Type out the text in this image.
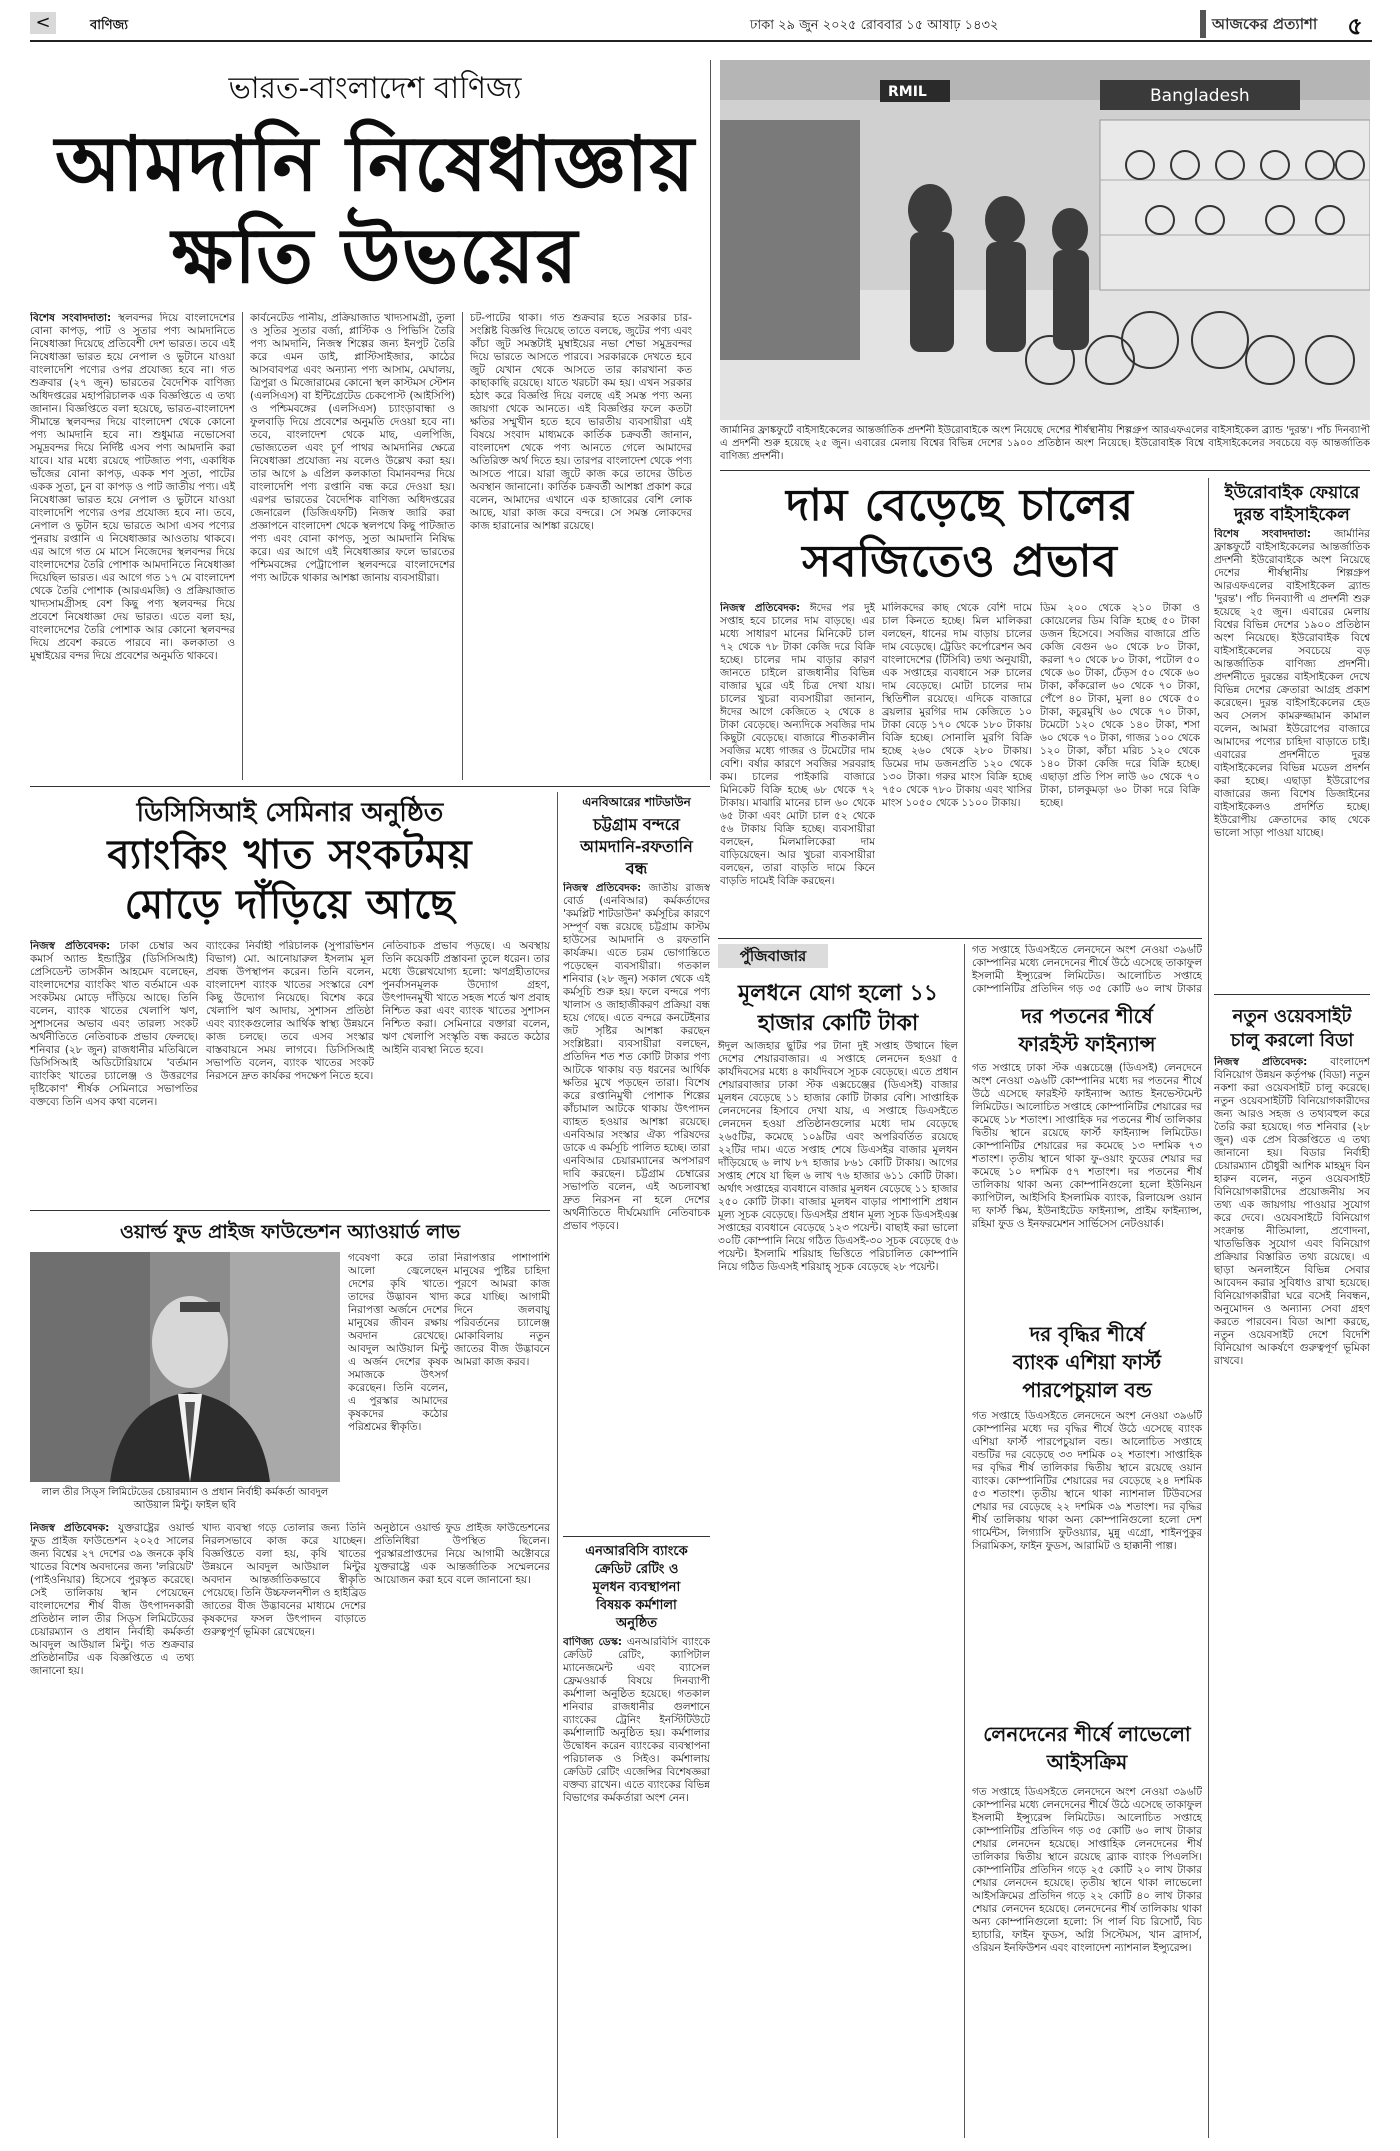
<	বাণিজ্য	ঢাকা ২৯ জুন ২০২৫ রোববার ১৫ আষাঢ় ১৪৩২	আজকের প্রত্যাশা	৫
ভারত-বাংলাদেশ বাণিজ্য
আমদানি নিষেধাজ্ঞায়
ক্ষতি উভয়ের
বিশেষ সংবাদদাতা: স্থলবন্দর দিয়ে বাংলাদেশের বোনা কাপড়, পাট ও সুতার পণ্য আমদানিতে নিষেধাজ্ঞা দিয়েছে প্রতিবেশী দেশ ভারত। তবে এই নিষেধাজ্ঞা ভারত হয়ে নেপাল ও ভুটানে যাওয়া বাংলাদেশি পণ্যের ওপর প্রযোজ্য হবে না। গত শুক্রবার (২৭ জুন) ভারতের বৈদেশিক বাণিজ্য অধিদপ্তরের মহাপরিচালক এক বিজ্ঞপ্তিতে এ তথ্য জানান। বিজ্ঞপ্তিতে বলা হয়েছে, ভারত-বাংলাদেশ সীমান্তে স্থলবন্দর দিয়ে বাংলাদেশ থেকে কোনো পণ্য আমদানি হবে না। শুধুমাত্র নভোসেবা সমুদ্রবন্দর দিয়ে নির্দিষ্ট এসব পণ্য আমদানি করা যাবে। যার মধ্যে রয়েছে পাটজাত পণ্য, একাধিক ভাঁজের বোনা কাপড়, একক শণ সুতা, পাটের একক সুতা, চুন বা কাপড় ও পাট জাতীয় পণ্য। এই নিষেধাজ্ঞা ভারত হয়ে নেপাল ও ভুটানে যাওয়া বাংলাদেশি পণ্যের ওপর প্রযোজ্য হবে না। তবে, নেপাল ও ভুটান হয়ে ভারতে আসা এসব পণ্যের পুনরায় রপ্তানি এ নিষেধাজ্ঞার আওতায় থাকবে। এর আগে গত মে মাসে নিজেদের স্থলবন্দর দিয়ে বাংলাদেশের তৈরি পোশাক আমদানিতে নিষেধাজ্ঞা দিয়েছিল ভারত। এর আগে গত ১৭ মে বাংলাদেশ থেকে তৈরি পোশাক (আরএমজি) ও প্রক্রিয়াজাত খাদ্যসামগ্রীসহ বেশ কিছু পণ্য স্থলবন্দর দিয়ে প্রবেশে নিষেধাজ্ঞা দেয় ভারত। এতে বলা হয়, বাংলাদেশের তৈরি পোশাক আর কোনো স্থলবন্দর দিয়ে প্রবেশ করতে পারবে না। কলকাতা ও মুম্বাইয়ের বন্দর দিয়ে প্রবেশের অনুমতি থাকবে।
কার্বনেটেড পানীয়, প্রক্রিয়াজাত খাদ্যসামগ্রী, তুলা ও সুতির সুতার বর্জ্য, প্লাস্টিক ও পিভিসি তৈরি পণ্য আমদানি, নিজস্ব শিল্পের জন্য ইনপুট তৈরি করে এমন ডাই, প্লাস্টিসাইজার, কাঠের আসবাবপত্র এবং অন্যান্য পণ্য আসাম, মেঘালয়, ত্রিপুরা ও মিজোরামের কোনো স্থল কাস্টমস স্টেশন (এলসিএস) বা ইন্টিগ্রেটেড চেকপোস্ট (আইসিপি) ও পশ্চিমবঙ্গের (এলসিএস) চ্যাংড়াবান্ধা ও ফুলবাড়ি দিয়ে প্রবেশের অনুমতি দেওয়া হবে না। তবে, বাংলাদেশ থেকে মাছ, এলপিজি, ভোজ্যতেল এবং চূর্ণ পাথর আমদানির ক্ষেত্রে নিষেধাজ্ঞা প্রযোজ্য নয় বলেও উল্লেখ করা হয়। তার আগে ৯ এপ্রিল কলকাতা বিমানবন্দর দিয়ে বাংলাদেশি পণ্য রপ্তানি বন্ধ করে দেওয়া হয়। এরপর ভারতের বৈদেশিক বাণিজ্য অধিদপ্তরের জেনারেল (ডিজিএফটি) নিজস্ব জারি করা প্রজ্ঞাপনে বাংলাদেশ থেকে স্থলপথে কিছু পাটজাত পণ্য এবং বোনা কাপড়, সুতা আমদানি নিষিদ্ধ করে। এর আগে এই নিষেধাজ্ঞার ফলে ভারতের পশ্চিমবঙ্গের পেট্রাপোল স্থলবন্দরে বাংলাদেশের পণ্য আটকে থাকার আশঙ্কা জানায় ব্যবসায়ীরা।
চট-পাটের থাকা। গত শুক্রবার হতে সরকার চার-সংশ্লিষ্ট বিজ্ঞপ্তি দিয়েছে তাতে বলছে, জুটের পণ্য এবং কাঁচা জুট সমস্তটাই মুম্বাইয়ের নভা শেভা সমুদ্রবন্দর দিয়ে ভারতে আসতে পারবে। সরকারকে দেখতে হবে জুট যেখান থেকে আসতে তার কারখানা কত কাছাকাছি রয়েছে। যাতে খরচটা কম হয়। এখন সরকার হঠাৎ করে বিজ্ঞপ্তি দিয়ে বলছে এই সমস্ত পণ্য অন্য জায়গা থেকে আনতে। এই বিজ্ঞপ্তির ফলে কতটা ক্ষতির সম্মুখীন হতে হবে ভারতীয় ব্যবসায়ীরা এই বিষয়ে সংবাদ মাধ্যমকে কার্তিক চক্রবর্তী জানান, বাংলাদেশ থেকে পণ্য আনতে গেলে আমাদের অতিরিক্ত অর্থ দিতে হয়। তারপর বাংলাদেশ থেকে পণ্য আসতে পারে। যারা জুটে কাজ করে তাদের উচিত অবস্থান জানানো। কার্তিক চক্রবর্তী আশঙ্কা প্রকাশ করে বলেন, আমাদের এখানে এক হাজারের বেশি লোক আছে, যারা কাজ করে বন্দরে। সে সমস্ত লোকদের কাজ হারানোর আশঙ্কা রয়েছে।
RMIL	Bangladesh
জার্মানির ফ্রাঙ্কফুর্টে বাইসাইকেলের আন্তর্জাতিক প্রদর্শনী ইউরোবাইকে অংশ নিয়েছে দেশের শীর্ষস্থানীয় শিল্পগ্রুপ আরএফএলের বাইসাইকেল ব্র্যান্ড 'দুরন্ত'। পাঁচ দিনব্যাপী এ প্রদর্শনী শুরু হয়েছে ২৫ জুন। এবারের মেলায় বিশ্বের বিভিন্ন দেশের ১৯০০ প্রতিষ্ঠান অংশ নিয়েছে। ইউরোবাইক বিশ্বে বাইসাইকেলের সবচেয়ে বড় আন্তর্জাতিক বাণিজ্য প্রদর্শনী।
দাম বেড়েছে চালের
সবজিতেও প্রভাব
নিজস্ব প্রতিবেদক: ঈদের পর দুই সপ্তাহ হবে চালের দাম বাড়ছে। এর মধ্যে সাধারণ মানের মিনিকেট চাল ৭২ থেকে ৭৮ টাকা কেজি দরে বিক্রি হচ্ছে। চালের দাম বাড়ার কারণ জানতে চাইলে রাজধানীর বিভিন্ন বাজার ঘুরে এই চিত্র দেখা যায়। চালের খুচরা ব্যবসায়ীরা জানান, ঈদের আগে কেজিতে ২ থেকে ৪ টাকা বেড়েছে। অন্যদিকে সবজির দাম কিছুটা বেড়েছে। বাজারে শীতকালীন সবজির মধ্যে গাজর ও টমেটোর দাম বেশি। বর্ষার কারণে সবজির সরবরাহ কম। চালের পাইকারি বাজারে মিনিকেট বিক্রি হচ্ছে ৬৮ থেকে ৭২ টাকায়। মাঝারি মানের চাল ৬০ থেকে ৬৫ টাকা এবং মোটা চাল ৫২ থেকে ৫৬ টাকায় বিক্রি হচ্ছে। ব্যবসায়ীরা বলছেন, মিলমালিকেরা দাম বাড়িয়েছেন। আর খুচরা ব্যবসায়ীরা বলছেন, তারা বাড়তি দামে কিনে বাড়তি দামেই বিক্রি করছেন।
মালিকদের কাছ থেকে বেশি দামে চাল কিনতে হচ্ছে। মিল মালিকরা বলছেন, ধানের দাম বাড়ায় চালের দাম বেড়েছে। ট্রেডিং কর্পোরেশন অব বাংলাদেশের (টিসিবি) তথ্য অনুযায়ী, এক সপ্তাহের ব্যবধানে সরু চালের দাম বেড়েছে। মোটা চালের দাম স্থিতিশীল রয়েছে। এদিকে বাজারে ব্রয়লার মুরগির দাম কেজিতে ১০ টাকা বেড়ে ১৭০ থেকে ১৮০ টাকায় বিক্রি হচ্ছে। সোনালি মুরগি বিক্রি হচ্ছে ২৬০ থেকে ২৮০ টাকায়। ডিমের দাম ডজনপ্রতি ১২০ থেকে ১৩০ টাকা। গরুর মাংস বিক্রি হচ্ছে ৭৫০ থেকে ৭৮০ টাকায় এবং খাসির মাংস ১০৫০ থেকে ১১০০ টাকায়।
ডিম ২০০ থেকে ২১০ টাকা ও কোয়েলের ডিম বিক্রি হচ্ছে ৫০ টাকা ডজন হিসেবে। সবজির বাজারে প্রতি কেজি বেগুন ৬০ থেকে ৮০ টাকা, করলা ৭০ থেকে ৮০ টাকা, পটোল ৫০ থেকে ৬০ টাকা, ঢেঁড়স ৫০ থেকে ৬০ টাকা, কাঁকরোল ৬০ থেকে ৭০ টাকা, পেঁপে ৪০ টাকা, মুলা ৪০ থেকে ৫০ টাকা, কচুরমুখি ৬০ থেকে ৭০ টাকা, টমেটো ১২০ থেকে ১৪০ টাকা, শসা ৬০ থেকে ৭০ টাকা, গাজর ১০০ থেকে ১২০ টাকা, কাঁচা মরিচ ১২০ থেকে ১৪০ টাকা কেজি দরে বিক্রি হচ্ছে। এছাড়া প্রতি পিস লাউ ৬০ থেকে ৭০ টাকা, চালকুমড়া ৬০ টাকা দরে বিক্রি হচ্ছে।
ইউরোবাইক ফেয়ারে
দুরন্ত বাইসাইকেল
বিশেষ সংবাদদাতা: জার্মানির ফ্রাঙ্কফুর্টে বাইসাইকেলের আন্তর্জাতিক প্রদর্শনী ইউরোবাইকে অংশ নিয়েছে দেশের শীর্ষস্থানীয় শিল্পগ্রুপ আরএফএলের বাইসাইকেল ব্র্যান্ড 'দুরন্ত'। পাঁচ দিনব্যাপী এ প্রদর্শনী শুরু হয়েছে ২৫ জুন। এবারের মেলায় বিশ্বের বিভিন্ন দেশের ১৯০০ প্রতিষ্ঠান অংশ নিয়েছে। ইউরোবাইক বিশ্বে বাইসাইকেলের সবচেয়ে বড় আন্তর্জাতিক বাণিজ্য প্রদর্শনী। প্রদর্শনীতে দুরন্তের বাইসাইকেল দেখে বিভিন্ন দেশের ক্রেতারা আগ্রহ প্রকাশ করেছেন। দুরন্ত বাইসাইকেলের হেড অব সেলস কামরুজ্জামান কামাল বলেন, আমরা ইউরোপের বাজারে আমাদের পণ্যের চাহিদা বাড়াতে চাই। এবারের প্রদর্শনীতে দুরন্ত বাইসাইকেলের বিভিন্ন মডেল প্রদর্শন করা হচ্ছে। এছাড়া ইউরোপের বাজারের জন্য বিশেষ ডিজাইনের বাইসাইকেলও প্রদর্শিত হচ্ছে। ইউরোপীয় ক্রেতাদের কাছ থেকে ভালো সাড়া পাওয়া যাচ্ছে।
নতুন ওয়েবসাইট
চালু করলো বিডা
নিজস্ব প্রতিবেদক: বাংলাদেশ বিনিয়োগ উন্নয়ন কর্তৃপক্ষ (বিডা) নতুন নকশা করা ওয়েবসাইট চালু করেছে। নতুন ওয়েবসাইটটি বিনিয়োগকারীদের জন্য আরও সহজ ও তথ্যবহুল করে তৈরি করা হয়েছে। গত শনিবার (২৮ জুন) এক প্রেস বিজ্ঞপ্তিতে এ তথ্য জানানো হয়। বিডার নির্বাহী চেয়ারম্যান চৌধুরী আশিক মাহমুদ বিন হারুন বলেন, নতুন ওয়েবসাইট বিনিয়োগকারীদের প্রয়োজনীয় সব তথ্য এক জায়গায় পাওয়ার সুযোগ করে দেবে। ওয়েবসাইটে বিনিয়োগ সংক্রান্ত নীতিমালা, প্রণোদনা, খাতভিত্তিক সুযোগ এবং বিনিয়োগ প্রক্রিয়ার বিস্তারিত তথ্য রয়েছে। এ ছাড়া অনলাইনে বিভিন্ন সেবার আবেদন করার সুবিধাও রাখা হয়েছে। বিনিয়োগকারীরা ঘরে বসেই নিবন্ধন, অনুমোদন ও অন্যান্য সেবা গ্রহণ করতে পারবেন। বিডা আশা করছে, নতুন ওয়েবসাইট দেশে বিদেশি বিনিয়োগ আকর্ষণে গুরুত্বপূর্ণ ভূমিকা রাখবে।
ডিসিসিআই সেমিনার অনুষ্ঠিত
ব্যাংকিং খাত সংকটময়
মোড়ে দাঁড়িয়ে আছে
নিজস্ব প্রতিবেদক: ঢাকা চেম্বার অব কমার্স অ্যান্ড ইন্ডাস্ট্রির (ডিসিসিআই) প্রেসিডেন্ট তাসকীন আহমেদ বলেছেন, বাংলাদেশের ব্যাংকিং খাত বর্তমানে এক সংকটময় মোড়ে দাঁড়িয়ে আছে। তিনি বলেন, ব্যাংক খাতের খেলাপি ঋণ, সুশাসনের অভাব এবং তারল্য সংকট অর্থনীতিতে নেতিবাচক প্রভাব ফেলছে। শনিবার (২৮ জুন) রাজধানীর মতিঝিলে ডিসিসিআই অডিটোরিয়ামে 'বর্তমান ব্যাংকিং খাতের চ্যালেঞ্জ ও উত্তরণের দৃষ্টিকোণ' শীর্ষক সেমিনারে সভাপতির বক্তব্যে তিনি এসব কথা বলেন।
ব্যাংকের নির্বাহী পরিচালক (সুপারভিশন বিভাগ) মো. আনোয়ারুল ইসলাম মূল প্রবন্ধ উপস্থাপন করেন। তিনি বলেন, বাংলাদেশ ব্যাংক খাতের সংস্কারে বেশ কিছু উদ্যোগ নিয়েছে। বিশেষ করে খেলাপি ঋণ আদায়, সুশাসন প্রতিষ্ঠা এবং ব্যাংকগুলোর আর্থিক স্বাস্থ্য উন্নয়নে কাজ চলছে। তবে এসব সংস্কার বাস্তবায়নে সময় লাগবে। ডিসিসিআই সভাপতি বলেন, ব্যাংক খাতের সংকট নিরসনে দ্রুত কার্যকর পদক্ষেপ নিতে হবে।
নেতিবাচক প্রভাব পড়ছে। এ অবস্থায় তিনি কয়েকটি প্রস্তাবনা তুলে ধরেন। তার মধ্যে উল্লেখযোগ্য হলো: ঋণগ্রহীতাদের পুনর্বাসনমূলক উদ্যোগ গ্রহণ, উৎপাদনমুখী খাতে সহজ শর্তে ঋণ প্রবাহ নিশ্চিত করা এবং ব্যাংক খাতের সুশাসন নিশ্চিত করা। সেমিনারে বক্তারা বলেন, ঋণ খেলাপি সংস্কৃতি বন্ধ করতে কঠোর আইনি ব্যবস্থা নিতে হবে।
এনবিআরের শাটডাউন
চট্টগ্রাম বন্দরে
আমদানি-রফতানি
বন্ধ
নিজস্ব প্রতিবেদক: জাতীয় রাজস্ব বোর্ড (এনবিআর) কর্মকর্তাদের 'কমপ্লিট শাটডাউন' কর্মসূচির কারণে সম্পূর্ণ বন্ধ রয়েছে চট্টগ্রাম কাস্টম হাউসের আমদানি ও রফতানি কার্যক্রম। এতে চরম ভোগান্তিতে পড়েছেন ব্যবসায়ীরা। গতকাল শনিবার (২৮ জুন) সকাল থেকে এই কর্মসূচি শুরু হয়। ফলে বন্দরে পণ্য খালাস ও জাহাজীকরণ প্রক্রিয়া বন্ধ হয়ে গেছে। এতে বন্দরে কনটেইনার জট সৃষ্টির আশঙ্কা করছেন সংশ্লিষ্টরা। ব্যবসায়ীরা বলছেন, প্রতিদিন শত শত কোটি টাকার পণ্য আটকে থাকায় বড় ধরনের আর্থিক ক্ষতির মুখে পড়ছেন তারা। বিশেষ করে রপ্তানিমুখী পোশাক শিল্পের কাঁচামাল আটকে থাকায় উৎপাদন ব্যাহত হওয়ার আশঙ্কা রয়েছে। এনবিআর সংস্কার ঐক্য পরিষদের ডাকে এ কর্মসূচি পালিত হচ্ছে। তারা এনবিআর চেয়ারম্যানের অপসারণ দাবি করছেন। চট্টগ্রাম চেম্বারের সভাপতি বলেন, এই অচলাবস্থা দ্রুত নিরসন না হলে দেশের অর্থনীতিতে দীর্ঘমেয়াদি নেতিবাচক প্রভাব পড়বে।
এনআরবিসি ব্যাংকে
ক্রেডিট রেটিং ও
মূলধন ব্যবস্থাপনা
বিষয়ক কর্মশালা
অনুষ্ঠিত
বাণিজ্য ডেস্ক: এনআরবিসি ব্যাংকে ক্রেডিট রেটিং, ক্যাপিটাল ম্যানেজমেন্ট এবং ব্যাসেল ফ্রেমওয়ার্ক বিষয়ে দিনব্যাপী কর্মশালা অনুষ্ঠিত হয়েছে। গতকাল শনিবার রাজধানীর গুলশানে ব্যাংকের ট্রেনিং ইনস্টিটিউটে কর্মশালাটি অনুষ্ঠিত হয়। কর্মশালার উদ্বোধন করেন ব্যাংকের ব্যবস্থাপনা পরিচালক ও সিইও। কর্মশালায় ক্রেডিট রেটিং এজেন্সির বিশেষজ্ঞরা বক্তব্য রাখেন। এতে ব্যাংকের বিভিন্ন বিভাগের কর্মকর্তারা অংশ নেন।
ওয়ার্ল্ড ফুড প্রাইজ ফাউন্ডেশন অ্যাওয়ার্ড লাভ
লাল তীর সিড্‌স লিমিটেডের চেয়ারম্যান ও প্রধান নির্বাহী কর্মকর্তা আবদুল আউয়াল মিন্টু। ফাইল ছবি
গবেষণা করে তারা আলো জ্বেলেছেন দেশের কৃষি খাতে। তাদের উদ্ভাবন খাদ্য নিরাপত্তা অর্জনে দেশের মানুষের জীবন রক্ষায় অবদান রেখেছে। আবদুল আউয়াল মিন্টু এ অর্জন দেশের কৃষক সমাজকে উৎসর্গ করেছেন। তিনি বলেন, এ পুরস্কার আমাদের কৃষকদের কঠোর পরিশ্রমের স্বীকৃতি।
নিরাপত্তার পাশাপাশি মানুষের পুষ্টির চাহিদা পূরণে আমরা কাজ করে যাচ্ছি। আগামী দিনে জলবায়ু পরিবর্তনের চ্যালেঞ্জ মোকাবিলায় নতুন জাতের বীজ উদ্ভাবনে আমরা কাজ করব।
নিজস্ব প্রতিবেদক: যুক্তরাষ্ট্রের ওয়ার্ল্ড ফুড প্রাইজ ফাউন্ডেশন ২০২৫ সালের জন্য বিশ্বের ২৭ দেশের ৩৯ জনকে কৃষি খাতের বিশেষ অবদানের জন্য 'লরিয়েট' (পাইওনিয়ার) হিসেবে পুরস্কৃত করেছে। সেই তালিকায় স্থান পেয়েছেন বাংলাদেশের শীর্ষ বীজ উৎপাদনকারী প্রতিষ্ঠান লাল তীর সিড্‌স লিমিটেডের চেয়ারম্যান ও প্রধান নির্বাহী কর্মকর্তা আবদুল আউয়াল মিন্টু। গত শুক্রবার প্রতিষ্ঠানটির এক বিজ্ঞপ্তিতে এ তথ্য জানানো হয়।
খাদ্য ব্যবস্থা গড়ে তোলার জন্য তিনি নিরলসভাবে কাজ করে যাচ্ছেন। বিজ্ঞপ্তিতে বলা হয়, কৃষি খাতের উন্নয়নে আবদুল আউয়াল মিন্টুর অবদান আন্তর্জাতিকভাবে স্বীকৃতি পেয়েছে। তিনি উচ্চফলনশীল ও হাইব্রিড জাতের বীজ উদ্ভাবনের মাধ্যমে দেশের কৃষকদের ফসল উৎপাদন বাড়াতে গুরুত্বপূর্ণ ভূমিকা রেখেছেন।
অনুষ্ঠানে ওয়ার্ল্ড ফুড প্রাইজ ফাউন্ডেশনের প্রতিনিধিরা উপস্থিত ছিলেন। পুরস্কারপ্রাপ্তদের নিয়ে আগামী অক্টোবরে যুক্তরাষ্ট্রে এক আন্তর্জাতিক সম্মেলনের আয়োজন করা হবে বলে জানানো হয়।
পুঁজিবাজার
মূলধনে যোগ হলো ১১
হাজার কোটি টাকা
ঈদুল আজহার ছুটির পর টানা দুই সপ্তাহ উত্থানে ছিল দেশের শেয়ারবাজার। এ সপ্তাহে লেনদেন হওয়া ৫ কার্যদিবসের মধ্যে ৪ কার্যদিবসে সূচক বেড়েছে। এতে প্রধান শেয়ারবাজার ঢাকা স্টক এক্সচেঞ্জের (ডিএসই) বাজার মূলধন বেড়েছে ১১ হাজার কোটি টাকার বেশি। সাপ্তাহিক লেনদেনের হিসাবে দেখা যায়, এ সপ্তাহে ডিএসইতে লেনদেন হওয়া প্রতিষ্ঠানগুলোর মধ্যে দাম বেড়েছে ২৬৫টির, কমেছে ১০৯টির এবং অপরিবর্তিত রয়েছে ২২টির দাম। এতে সপ্তাহ শেষে ডিএসইর বাজার মূলধন দাঁড়িয়েছে ৬ লাখ ৮৭ হাজার ৮৬১ কোটি টাকায়। আগের সপ্তাহ শেষে যা ছিল ৬ লাখ ৭৬ হাজার ৬১১ কোটি টাকা। অর্থাৎ সপ্তাহের ব্যবধানে বাজার মূলধন বেড়েছে ১১ হাজার ২৫০ কোটি টাকা। বাজার মূলধন বাড়ার পাশাপাশি প্রধান মূল্য সূচক বেড়েছে। ডিএসইর প্রধান মূল্য সূচক ডিএসইএক্স সপ্তাহের ব্যবধানে বেড়েছে ১২৩ পয়েন্ট। বাছাই করা ভালো ৩০টি কোম্পানি নিয়ে গঠিত ডিএসই-৩০ সূচক বেড়েছে ৫৬ পয়েন্ট। ইসলামি শরিয়াহ ভিত্তিতে পরিচালিত কোম্পানি নিয়ে গঠিত ডিএসই শরিয়াহ্ সূচক বেড়েছে ২৮ পয়েন্ট।
গত সপ্তাহে ডিএসইতে লেনদেনে অংশ নেওয়া ৩৯৬টি কোম্পানির মধ্যে লেনদেনের শীর্ষে উঠে এসেছে তাকাফুল ইসলামী ইন্স্যুরেন্স লিমিটেড। আলোচিত সপ্তাহে কোম্পানিটির প্রতিদিন গড় ৩৫ কোটি ৬০ লাখ টাকার
দর পতনের শীর্ষে
ফারইস্ট ফাইন্যান্স
গত সপ্তাহে ঢাকা স্টক এক্সচেঞ্জে (ডিএসই) লেনদেনে অংশ নেওয়া ৩৯৬টি কোম্পানির মধ্যে দর পতনের শীর্ষে উঠে এসেছে ফারইস্ট ফাইন্যান্স অ্যান্ড ইনভেস্টমেন্ট লিমিটেড। আলোচিত সপ্তাহে কোম্পানিটির শেয়ারের দর কমেছে ১৮ শতাংশ। সাপ্তাহিক দর পতনের শীর্ষ তালিকার দ্বিতীয় স্থানে রয়েছে ফার্স্ট ফাইন্যান্স লিমিটেড। কোম্পানিটির শেয়ারের দর কমেছে ১৩ দশমিক ৭৩ শতাংশ। তৃতীয় স্থানে থাকা ফু-ওয়াং ফুডের শেয়ার দর কমেছে ১০ দশমিক ৫৭ শতাংশ। দর পতনের শীর্ষ তালিকায় থাকা অন্য কোম্পানিগুলো হলো ইউনিয়ন ক্যাপিটাল, আইসিবি ইসলামিক ব্যাংক, রিলায়েন্স ওয়ান দ্য ফার্স্ট স্কিম, ইউনাইটেড ফাইন্যান্স, প্রাইম ফাইন্যান্স, রহিমা ফুড ও ইনফরমেশন সার্ভিসেস নেটওয়ার্ক।
দর বৃদ্ধির শীর্ষে
ব্যাংক এশিয়া ফার্স্ট
পারপেচুয়াল বন্ড
গত সপ্তাহে ডিএসইতে লেনদেনে অংশ নেওয়া ৩৯৬টি কোম্পানির মধ্যে দর বৃদ্ধির শীর্ষে উঠে এসেছে ব্যাংক এশিয়া ফার্স্ট পারপেচুয়াল বন্ড। আলোচিত সপ্তাহে বন্ডটির দর বেড়েছে ৩৩ দশমিক ০২ শতাংশ। সাপ্তাহিক দর বৃদ্ধির শীর্ষ তালিকার দ্বিতীয় স্থানে রয়েছে ওয়ান ব্যাংক। কোম্পানিটির শেয়ারের দর বেড়েছে ২৪ দশমিক ৫৩ শতাংশ। তৃতীয় স্থানে থাকা ন্যাশনাল টিউবসের শেয়ার দর বেড়েছে ২২ দশমিক ৩৯ শতাংশ। দর বৃদ্ধির শীর্ষ তালিকায় থাকা অন্য কোম্পানিগুলো হলো দেশ গার্মেন্টস, লিগ্যাসি ফুটওয়্যার, মুন্নু এগ্রো, শাইনপুকুর সিরামিকস, ফাইন ফুডস, আরামিট ও হাক্কানী পাল্প।
লেনদেনের শীর্ষে লাভেলো আইসক্রিম
গত সপ্তাহে ডিএসইতে লেনদেনে অংশ নেওয়া ৩৯৬টি কোম্পানির মধ্যে লেনদেনের শীর্ষে উঠে এসেছে তাকাফুল ইসলামী ইন্স্যুরেন্স লিমিটেড। আলোচিত সপ্তাহে কোম্পানিটির প্রতিদিন গড় ৩৫ কোটি ৬০ লাখ টাকার শেয়ার লেনদেন হয়েছে। সাপ্তাহিক লেনদেনের শীর্ষ তালিকার দ্বিতীয় স্থানে রয়েছে ব্র্যাক ব্যাংক পিএলসি। কোম্পানিটির প্রতিদিন গড়ে ২৫ কোটি ২০ লাখ টাকার শেয়ার লেনদেন হয়েছে। তৃতীয় স্থানে থাকা লাভেলো আইসক্রিমের প্রতিদিন গড়ে ২২ কোটি ৪০ লাখ টাকার শেয়ার লেনদেন হয়েছে। লেনদেনের শীর্ষ তালিকায় থাকা অন্য কোম্পানিগুলো হলো: সি পার্ল বিচ রিসোর্ট, বিচ হ্যাচারি, ফাইন ফুডস, অগ্নি সিস্টেমস, খান ব্রাদার্স, ওরিয়ন ইনফিউশন এবং বাংলাদেশ ন্যাশনাল ইন্স্যুরেন্স।
